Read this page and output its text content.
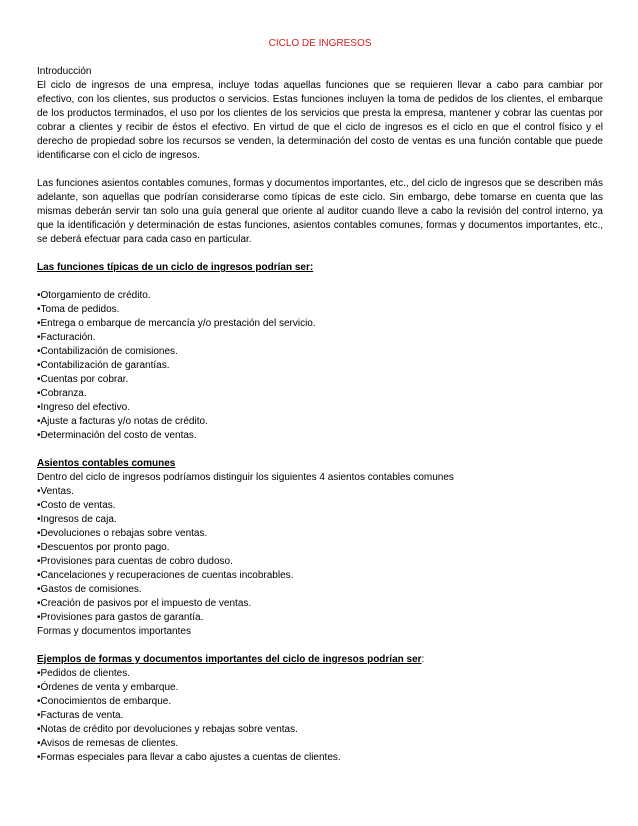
CICLO DE INGRESOS
Introducción
El ciclo de ingresos de una empresa, incluye todas aquellas funciones que se requieren llevar a cabo para cambiar por efectivo, con los clientes, sus productos o servicios. Estas funciones incluyen la toma de pedidos de los clientes, el embarque de los productos terminados, el uso por los clientes de los servicios que presta la empresa, mantener y cobrar las cuentas por cobrar a clientes y recibir de éstos el efectivo. En virtud de que el ciclo de ingresos es el ciclo en que el control físico y el derecho de propiedad sobre los recursos se venden, la determinación del costo de ventas es una función contable que puede identificarse con el ciclo de ingresos.
Las funciones asientos contables comunes, formas y documentos importantes, etc., del ciclo de ingresos que se describen más adelante, son aquellas que podrían considerarse como típicas de este ciclo. Sin embargo, debe tomarse en cuenta que las mismas deberán servir tan solo una guía general que oriente al auditor cuando lleve a cabo la revisión del control interno, ya que la identificación y determinación de estas funciones, asientos contables comunes, formas y documentos importantes, etc., se deberá efectuar para cada caso en particular.
Las funciones típicas de un ciclo de ingresos podrían ser:
•Otorgamiento de crédito.
•Toma de pedidos.
•Entrega o embarque de mercancía y/o prestación del servicio.
•Facturación.
•Contabilización de comisiones.
•Contabilización de garantías.
•Cuentas por cobrar.
•Cobranza.
•Ingreso del efectivo.
•Ajuste a facturas y/o notas de crédito.
•Determinación del costo de ventas.
Asientos contables comunes
Dentro del ciclo de ingresos podríamos distinguir los siguientes 4 asientos contables comunes
•Ventas.
•Costo de ventas.
•Ingresos de caja.
•Devoluciones o rebajas sobre ventas.
•Descuentos por pronto pago.
•Provisiones para cuentas de cobro dudoso.
•Cancelaciones y recuperaciones de cuentas incobrables.
•Gastos de comisiones.
•Creación de pasivos por el impuesto de ventas.
•Provisiones para gastos de garantía.
Formas y documentos importantes
Ejemplos de formas y documentos importantes del ciclo de ingresos podrían ser:
•Pedidos de clientes.
•Órdenes de venta y embarque.
•Conocimientos de embarque.
•Facturas de venta.
•Notas de crédito por devoluciones y rebajas sobre ventas.
•Avisos de remesas de clientes.
•Formas especiales para llevar a cabo ajustes a cuentas de clientes.
